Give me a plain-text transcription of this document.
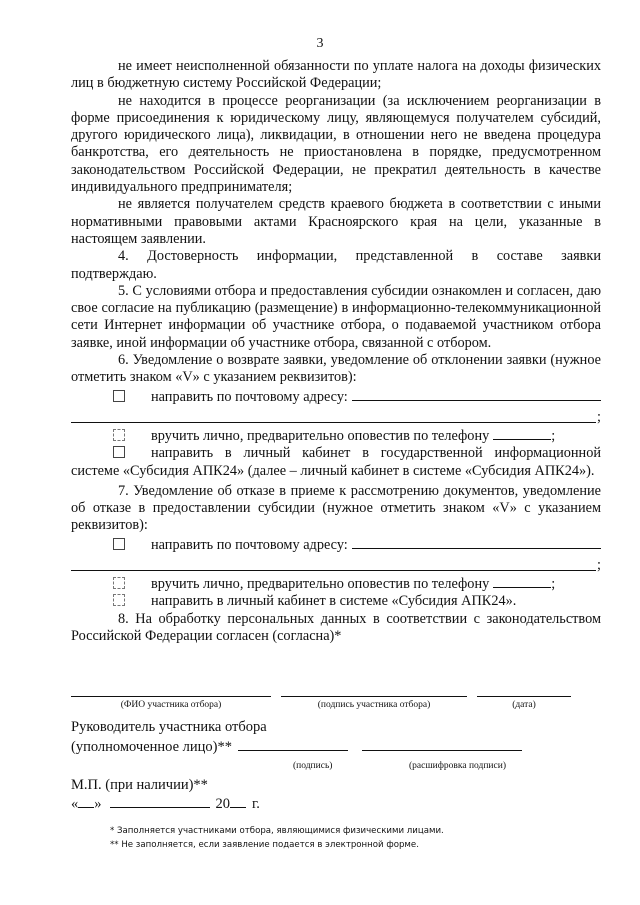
3

не имеет неисполненной обязанности по уплате налога на доходы физических лиц в бюджетную систему Российской Федерации;

не находится в процессе реорганизации (за исключением реорганизации в форме присоединения к юридическому лицу, являющемуся получателем субсидий, другого юридического лица), ликвидации, в отношении него не введена процедура банкротства, его деятельность не приостановлена в порядке, предусмотренном законодательством Российской Федерации, не прекратил деятельность в качестве индивидуального предпринимателя;

не является получателем средств краевого бюджета в соответствии с иными нормативными правовыми актами Красноярского края на цели, указанные в настоящем заявлении.

4. Достоверность информации, представленной в составе заявки подтверждаю.

5. С условиями отбора и предоставления субсидии ознакомлен и согласен, даю свое согласие на публикацию (размещение) в информационно-телекоммуникационной сети Интернет информации об участнике отбора, о подаваемой участником отбора заявке, иной информации об участнике отбора, связанной с отбором.

6. Уведомление о возврате заявки, уведомление об отклонении заявки (нужное отметить знаком «V» с указанием реквизитов):

направить по почтовому адресу:
;
вручить лично, предварительно оповестив по телефону	;

направить в личный кабинет в государственной информационной системе «Субсидия АПК24» (далее – личный кабинет в системе «Субсидия АПК24»).

7. Уведомление об отказе в приеме к рассмотрению документов, уведомление об отказе в предоставлении субсидии (нужное отметить знаком «V» с указанием реквизитов):

направить по почтовому адресу:
;
вручить лично, предварительно оповестив по телефону	;
направить в личный кабинет в системе «Субсидия АПК24».

8. На обработку персональных данных в соответствии с законодательством Российской Федерации согласен (согласна)*

(ФИО участника отбора)	(подпись участника отбора)	(дата)
Руководитель участника отбора
(уполномоченное лицо)**
(подпись)	(расшифровка подписи)
М.П. (при наличии)**
« »	20 г.
* Заполняется участниками отбора, являющимися физическими лицами.
** Не заполняется, если заявление подается в электронной форме.
